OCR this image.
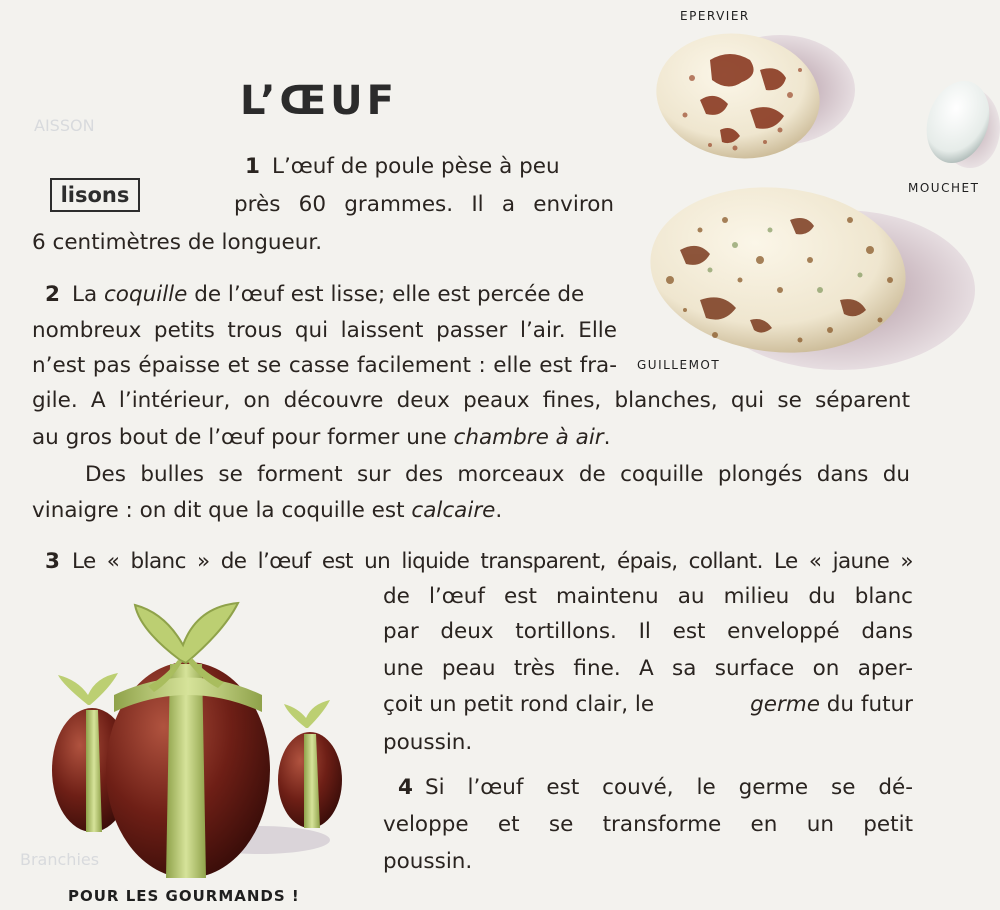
AISSON
Branchies
EPERVIER
MOUCHET
GUILLEMOT
L’ŒUF
lisons
1 L’œuf de poule pèse à peu
près 60 grammes. Il a environ
6 centimètres de longueur.
2 La coquille de l’œuf est lisse; elle est percée de
nombreux petits trous qui laissent passer l’air. Elle
n’est pas épaisse et se casse facilement : elle est fra-
gile. A l’intérieur, on découvre deux peaux fines, blanches, qui se séparent
au gros bout de l’œuf pour former une chambre à air.
Des bulles se forment sur des morceaux de coquille plongés dans du
vinaigre : on dit que la coquille est calcaire.
3 Le « blanc » de l’œuf est un liquide transparent, épais, collant. Le « jaune »
de l’œuf est maintenu au milieu du blanc
par deux tortillons. Il est enveloppé dans
une peau très fine. A sa surface on aper-
çoit un petit rond clair, le	germe du futur
poussin.
4 Si l’œuf est couvé, le germe se dé-
veloppe et se transforme en un petit
poussin.
POUR LES GOURMANDS !
